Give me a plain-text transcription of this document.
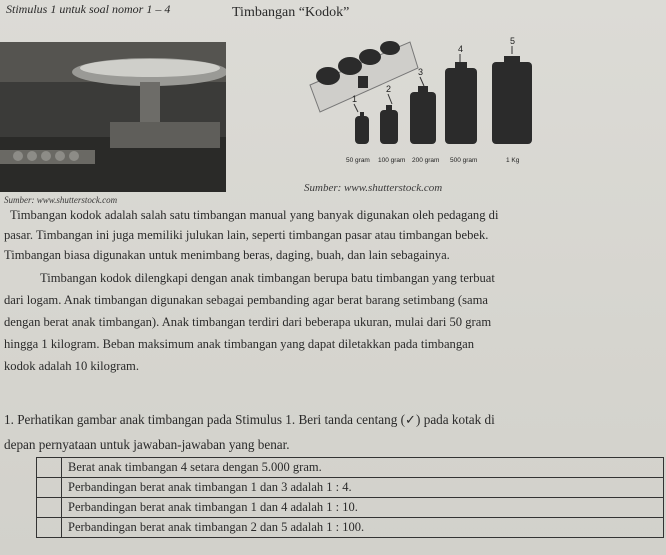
Stimulus 1 untuk soal nomor 1 – 4	Timbangan “Kodok”
Sumber: www.shutterstock.com
1
2
3
4
5
50 gram 100 gram 200 gram 500 gram	1 Kg
Sumber: www.shutterstock.com
Timbangan kodok adalah salah satu timbangan manual yang banyak digunakan oleh pedagang di
pasar. Timbangan ini juga memiliki julukan lain, seperti timbangan pasar atau timbangan bebek.
Timbangan biasa digunakan untuk menimbang beras, daging, buah, dan lain sebagainya.
Timbangan kodok dilengkapi dengan anak timbangan berupa batu timbangan yang terbuat
dari logam. Anak timbangan digunakan sebagai pembanding agar berat barang setimbang (sama
dengan berat anak timbangan). Anak timbangan terdiri dari beberapa ukuran, mulai dari 50 gram
hingga 1 kilogram. Beban maksimum anak timbangan yang dapat diletakkan pada timbangan
kodok adalah 10 kilogram.
1. Perhatikan gambar anak timbangan pada Stimulus 1. Beri tanda centang (✓) pada kotak di
depan pernyataan untuk jawaban-jawaban yang benar.
	Berat anak timbangan 4 setara dengan 5.000 gram.
	Perbandingan berat anak timbangan 1 dan 3 adalah 1 : 4.
	Perbandingan berat anak timbangan 1 dan 4 adalah 1 : 10.
	Perbandingan berat anak timbangan 2 dan 5 adalah 1 : 100.
